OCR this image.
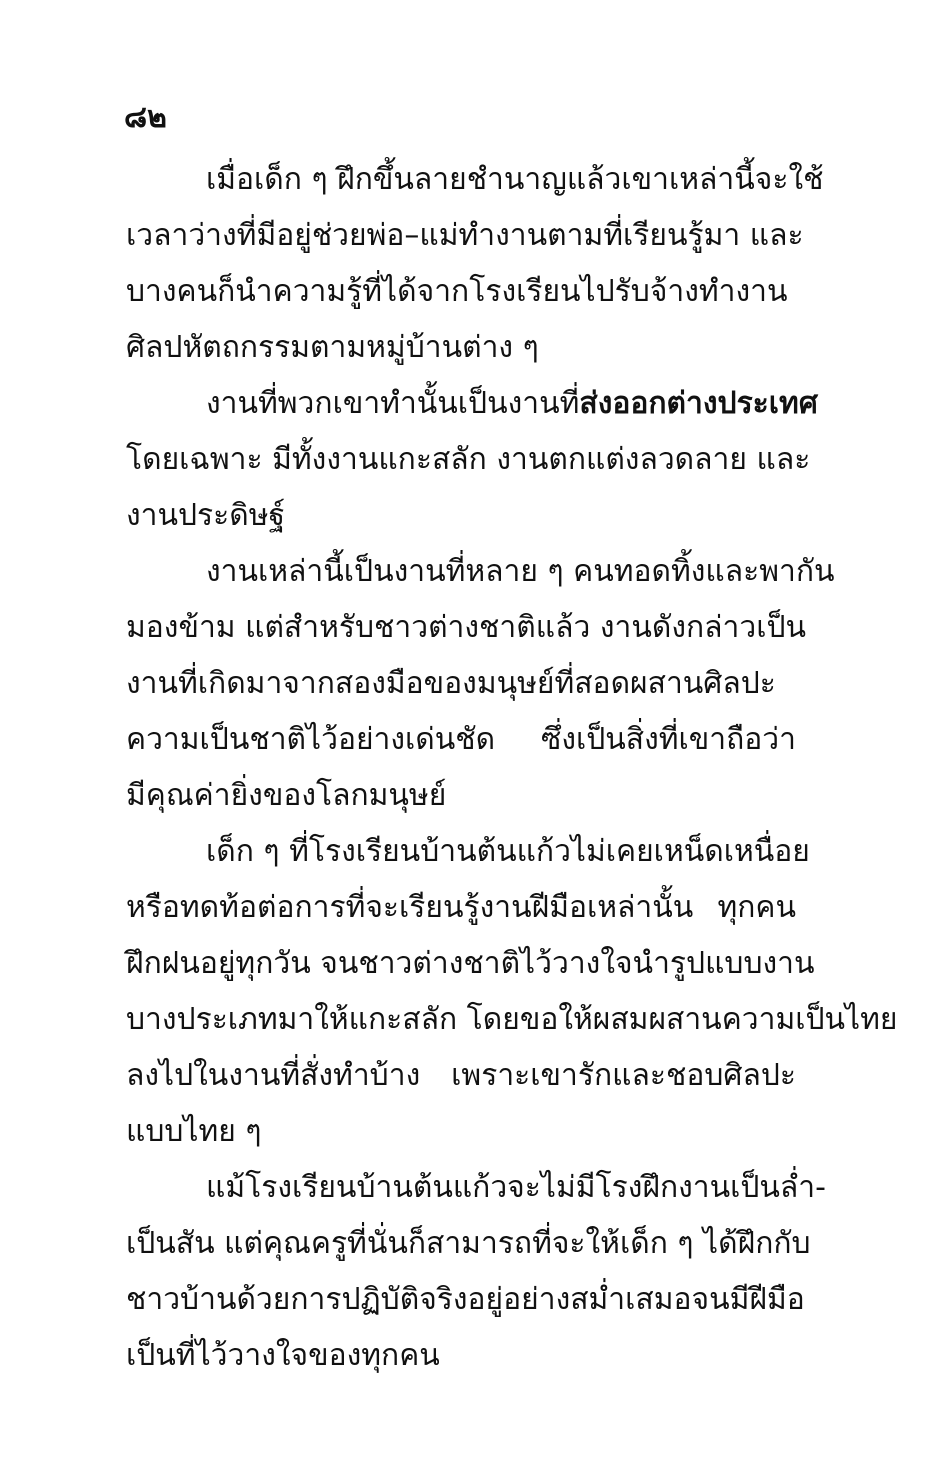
๘๒
เมื่อเด็ก ๆ ฝึกขึ้นลายชำนาญแล้วเขาเหล่านี้จะใช้
เวลาว่างที่มีอยู่ช่วยพ่อ–แม่ทำงานตามที่เรียนรู้มา และ
บางคนก็นำความรู้ที่ได้จากโรงเรียนไปรับจ้างทำงาน
ศิลปหัตถกรรมตามหมู่บ้านต่าง ๆ
งานที่พวกเขาทำนั้นเป็นงานที่ส่งออกต่างประเทศ
โดยเฉพาะ มีทั้งงานแกะสลัก งานตกแต่งลวดลาย และ
งานประดิษฐ์
งานเหล่านี้เป็นงานที่หลาย ๆ คนทอดทิ้งและพากัน
มองข้าม แต่สำหรับชาวต่างชาติแล้ว งานดังกล่าวเป็น
งานที่เกิดมาจากสองมือของมนุษย์ที่สอดผสานศิลปะ
ความเป็นชาติไว้อย่างเด่นชัด ซึ่งเป็นสิ่งที่เขาถือว่า
มีคุณค่ายิ่งของโลกมนุษย์
เด็ก ๆ ที่โรงเรียนบ้านต้นแก้วไม่เคยเหน็ดเหนื่อย
หรือทดท้อต่อการที่จะเรียนรู้งานฝีมือเหล่านั้น ทุกคน
ฝึกฝนอยู่ทุกวัน จนชาวต่างชาติไว้วางใจนำรูปแบบงาน
บางประเภทมาให้แกะสลัก โดยขอให้ผสมผสานความเป็นไทย
ลงไปในงานที่สั่งทำบ้าง เพราะเขารักและชอบศิลปะ
แบบไทย ๆ
แม้โรงเรียนบ้านต้นแก้วจะไม่มีโรงฝึกงานเป็นล่ำ-
เป็นสัน แต่คุณครูที่นั่นก็สามารถที่จะให้เด็ก ๆ ได้ฝึกกับ
ชาวบ้านด้วยการปฏิบัติจริงอยู่อย่างสม่ำเสมอจนมีฝีมือ
เป็นที่ไว้วางใจของทุกคน
